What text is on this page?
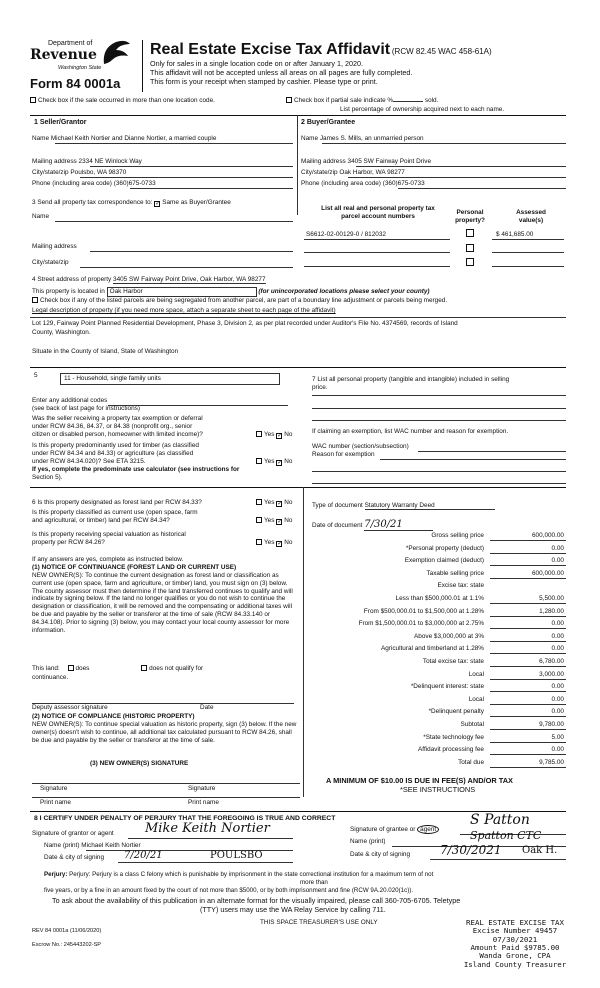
Department of
Revenue
Washington State
Form 84 0001a
Real Estate Excise Tax Affidavit (RCW 82.45 WAC 458-61A)
Only for sales in a single location code on or after January 1, 2020.
This affidavit will not be accepted unless all areas on all pages are fully completed.
This form is your receipt when stamped by cashier. Please type or print.
Check box if the sale occurred in more than one location code.	Check box if partial sale indicate %	sold.
List percentage of ownership acquired next to each name.
1 Seller/Grantor
Name Michael Keith Nortier and Dianne Nortier, a married couple
Mailing address 2334 NE Winlock Way
City/state/zip Poulsbo, WA 98370
Phone (including area code) (360)675-0733
2 Buyer/Grantee
Name James S. Mills, an unmarried person
Mailing address 3405 SW Fairway Point Drive
City/state/zip Oak Harbor, WA 98277
Phone (including area code) (360)675-0733
3 Send all property tax correspondence to: ✓ Same as Buyer/Grantee
Name
Mailing address
City/state/zip
List all real and personal property tax
parcel account numbers
Personal
property?
Assessed
value(s)
S6612-02-00129-0 / 812032	$ 461,685.00
4 Street address of property 3405 SW Fairway Point Drive, Oak Harbor, WA 98277
This property is located in Oak Harbor	(for unincorporated locations please select your county)
Check box if any of the listed parcels are being segregated from another parcel, are part of a boundary line adjustment or parcels being merged.
Legal description of property (if you need more space, attach a separate sheet to each page of the affidavit)
Lot 129, Fairway Point Planned Residential Development, Phase 3, Division 2, as per plat recorded under Auditor's File No. 4374569, records of Island
County, Washington.
Situate in the County of Island, State of Washington
5	11 - Household, single family units	7 List all personal property (tangible and intangible) included in selling
price.
Enter any additional codes
(see back of last page for instructions)
Was the seller receiving a property tax exemption or deferral
under RCW 84.36, 84.37, or 84.38 (nonprofit org., senior
citizen or disabled person, homeowner with limited income)?	Yes ✓ No
Is this property predominantly used for timber (as classified
under RCW 84.34 and 84.33) or agriculture (as classified
under RCW 84.34.020)? See ETA 3215.	Yes ✓ No
If yes, complete the predominate use calculator (see instructions for
Section 5).
If claiming an exemption, list WAC number and reason for exemption.
WAC number (section/subsection)
Reason for exemption
6 Is this property designated as forest land per RCW 84.33?	Yes ✓ No
Is this property classified as current use (open space, farm
and agricultural, or timber) land per RCW 84.34?	Yes ✓ No
Is this property receiving special valuation as historical
property per RCW 84.26?	Yes ✓ No
If any answers are yes, complete as instructed below.
(1) NOTICE OF CONTINUANCE (FOREST LAND OR CURRENT USE)
NEW OWNER(S): To continue the current designation as forest land or classification as current use (open space, farm and agriculture, or timber) land, you must sign on (3) below. The county assessor must then determine if the land transferred continues to qualify and will indicate by signing below. If the land no longer qualifies or you do not wish to continue the designation or classification, it will be removed and the compensating or additional taxes will be due and payable by the seller or transferor at the time of sale (RCW 84.33.140 or 84.34.108). Prior to signing (3) below, you may contact your local county assessor for more information.
This land: does	does not qualify for
continuance.
Deputy assessor signature	Date
(2) NOTICE OF COMPLIANCE (HISTORIC PROPERTY)
NEW OWNER(S): To continue special valuation as historic property, sign (3) below. If the new owner(s) doesn't wish to continue, all additional tax calculated pursuant to RCW 84.26, shall be due and payable by the seller or transferor at the time of sale.
(3) NEW OWNER(S) SIGNATURE
Signature	Signature
Print name	Print name
Type of document Statutory Warranty Deed
Date of document 7/30/21
Gross selling price	600,000.00
*Personal property (deduct)	0.00
Exemption claimed (deduct)	0.00
Taxable selling price	600,000.00
Excise tax: state
Less than $500,000.01 at 1.1%	5,500.00
From $500,000.01 to $1,500,000 at 1.28%	1,280.00
From $1,500,000.01 to $3,000,000 at 2.75%	0.00
Above $3,000,000 at 3%	0.00
Agricultural and timberland at 1.28%	0.00
Total excise tax: state	6,780.00
Local	3,000.00
*Delinquent interest: state	0.00
Local	0.00
*Delinquent penalty	0.00
Subtotal	9,780.00
*State technology fee	5.00
Affidavit processing fee	0.00
Total due	9,785.00
A MINIMUM OF $10.00 IS DUE IN FEE(S) AND/OR TAX
*SEE INSTRUCTIONS
8 I CERTIFY UNDER PENALTY OF PERJURY THAT THE FOREGOING IS TRUE AND CORRECT
Signature of grantor or agent Mike Keith Nortier
Name (print) Michael Keith Nortier
Date & city of signing 7/20/21	POULSBO
Signature of grantee or agent
S Patton
Name (print)	Spatton CTC
Date & city of signing 7/30/2021 Oak H.
Perjury: Perjury: Perjury is a class C felony which is punishable by imprisonment in the state correctional institution for a maximum term of not
more than
five years, or by a fine in an amount fixed by the court of not more than $5000, or by both imprisonment and fine (RCW 9A.20.020(1c)).
To ask about the availability of this publication in an alternate format for the visually impaired, please call 360-705-6705. Teletype
(TTY) users may use the WA Relay Service by calling 711.
THIS SPACE TREASURER'S USE ONLY
REV 84 0001a (11/06/2020)
Escrow No.: 245443202-SP
REAL ESTATE EXCISE TAX
Excise Number 49457
07/30/2021
Amount Paid $9785.00
Wanda Grone, CPA
Island County Treasurer
